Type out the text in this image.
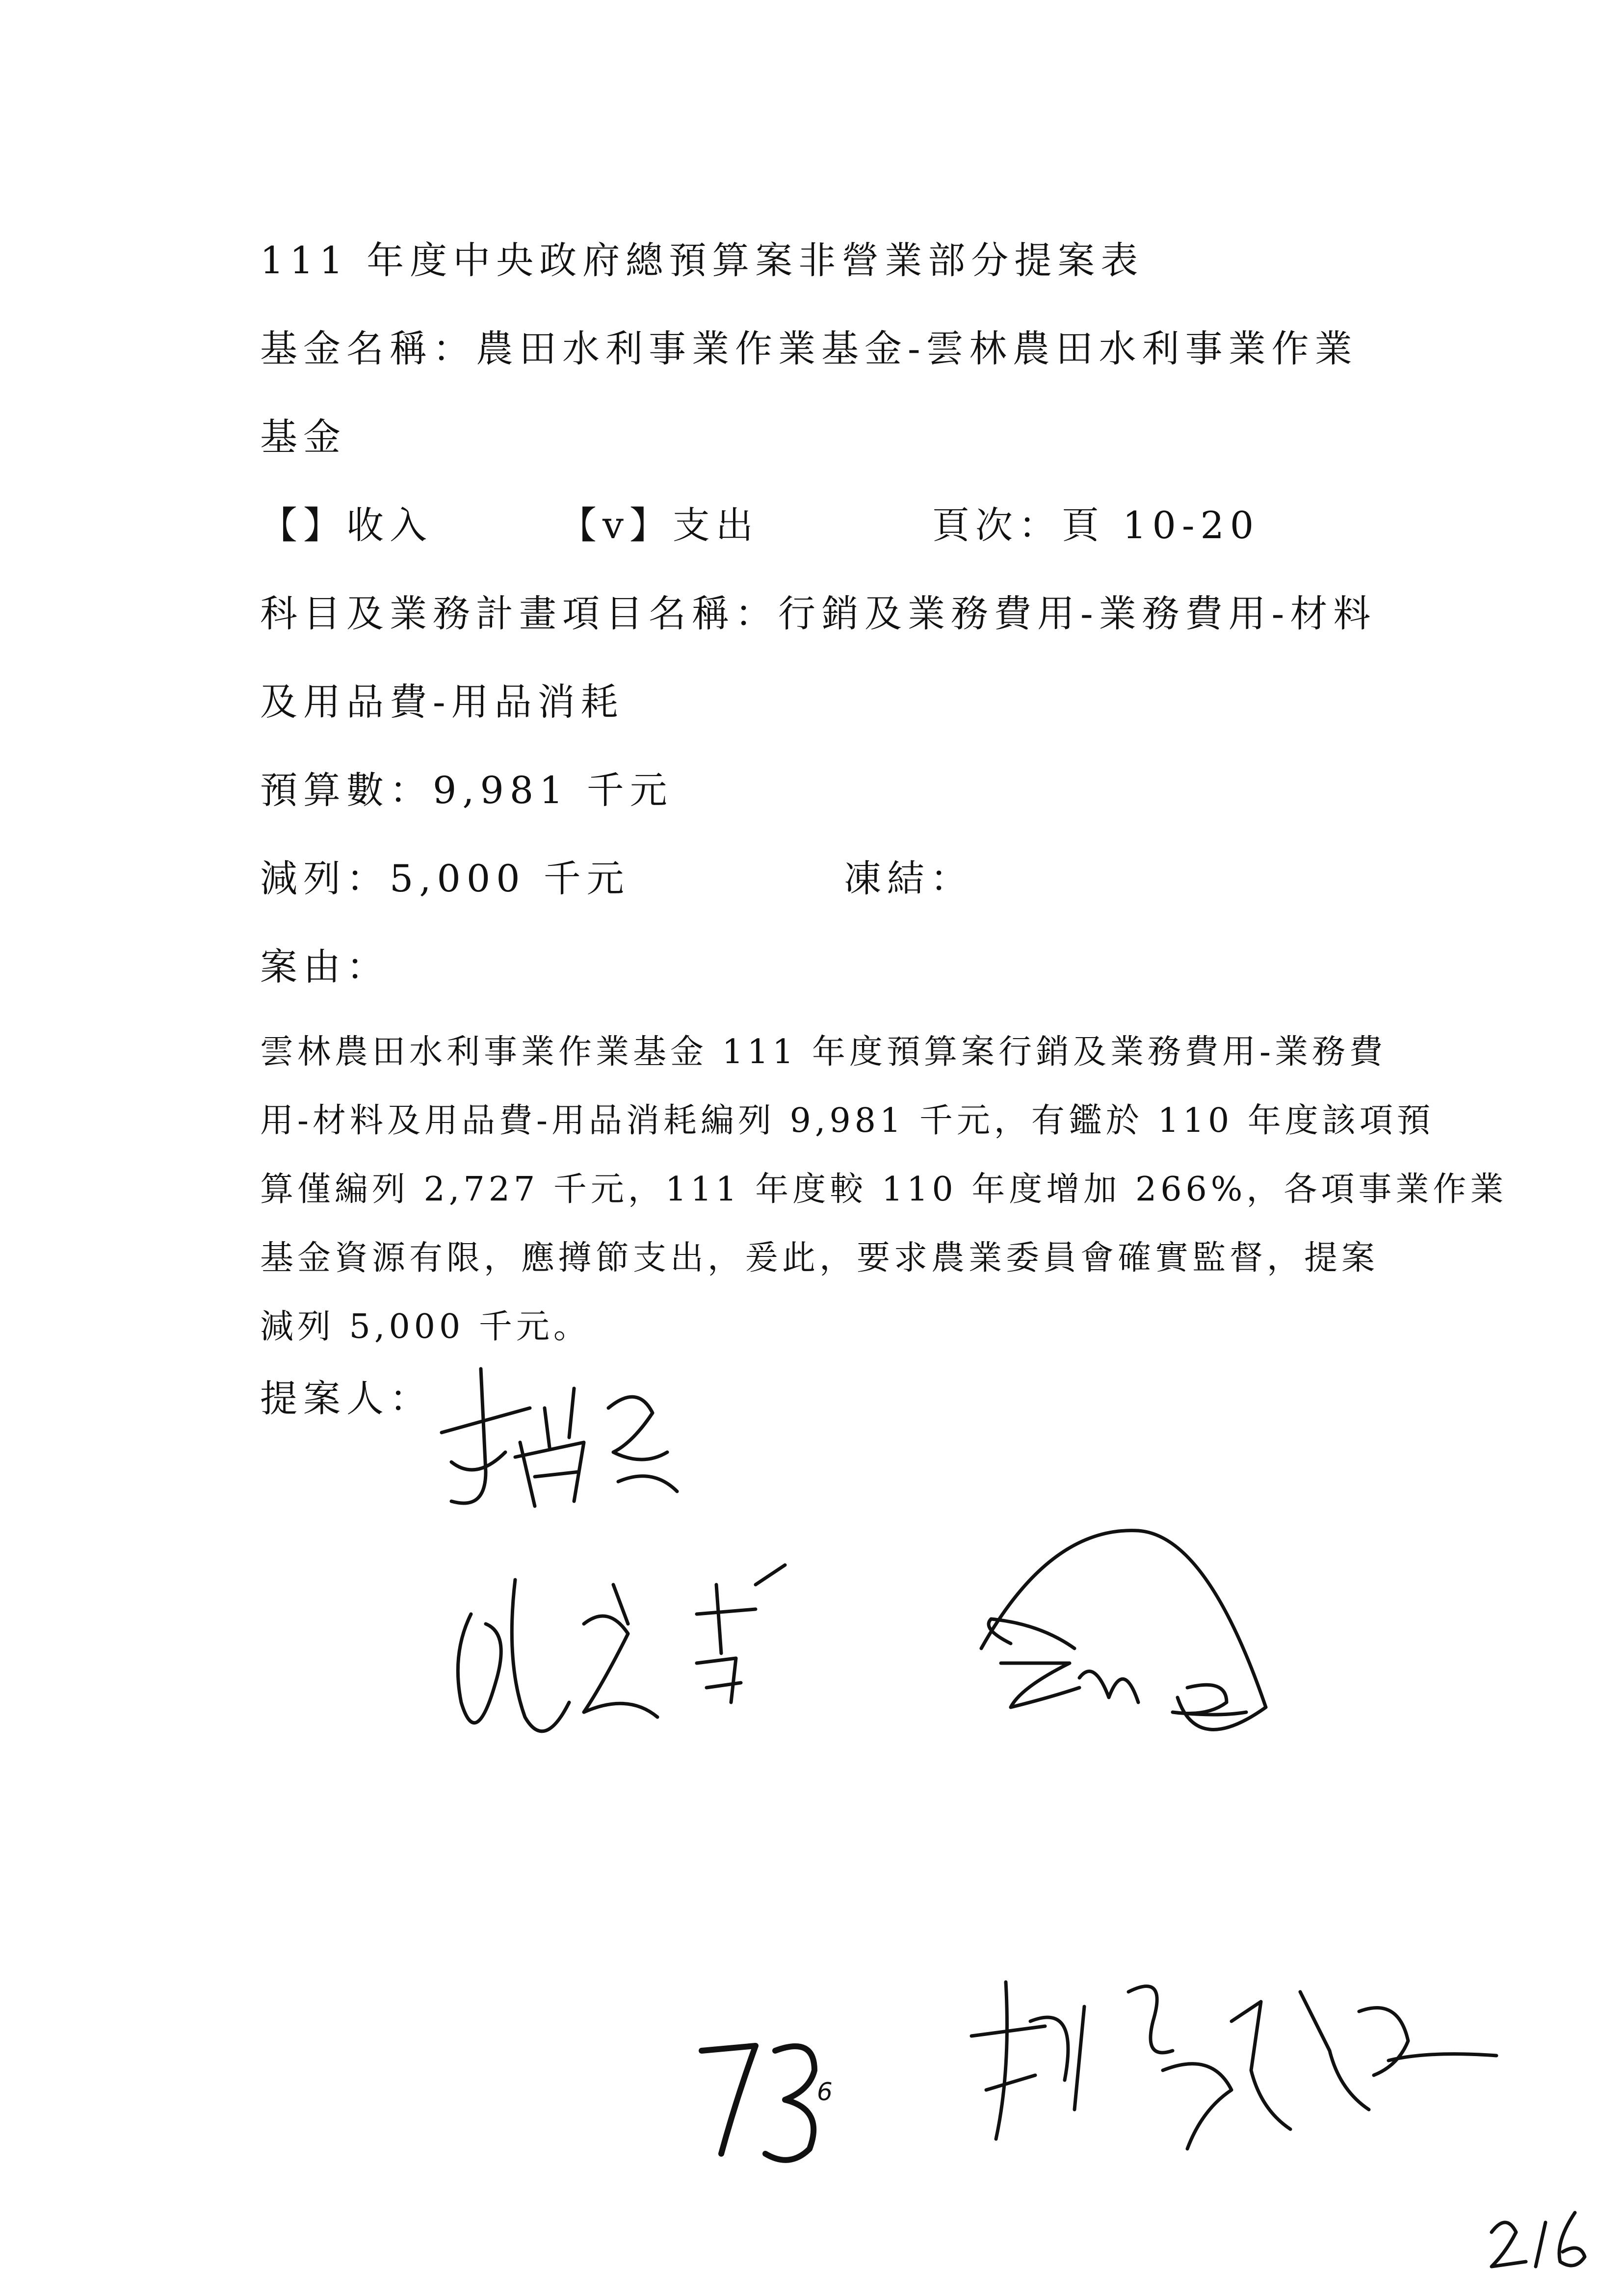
111 年度中央政府總預算案非營業部分提案表
基金名稱：農田水利事業作業基金-雲林農田水利事業作業
基金
【】收入	【v】支出	頁次：頁 10-20
科目及業務計畫項目名稱：行銷及業務費用-業務費用-材料
及用品費-用品消耗
預算數：9,981 千元
減列：5,000 千元	凍結：
案由：
雲林農田水利事業作業基金 111 年度預算案行銷及業務費用-業務費
用-材料及用品費-用品消耗編列 9,981 千元，有鑑於 110 年度該項預
算僅編列 2,727 千元，111 年度較 110 年度增加 266%，各項事業作業
基金資源有限，應撙節支出，爰此，要求農業委員會確實監督，提案
減列 5,000 千元。
提案人：
6
